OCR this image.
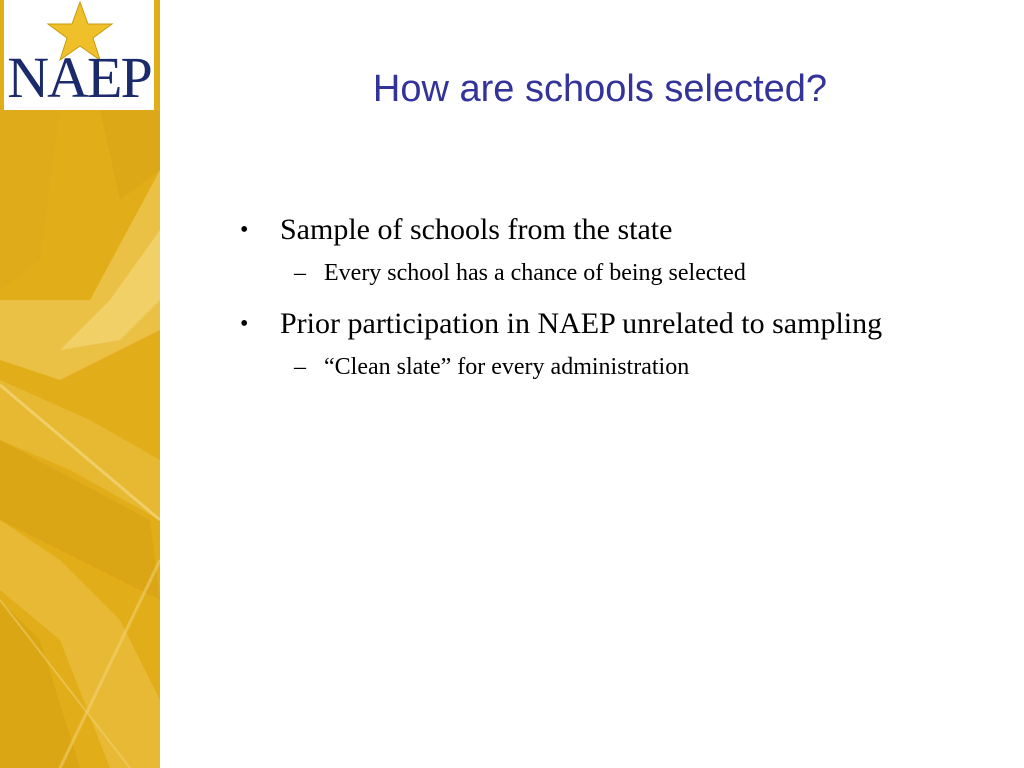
NAEP	How are schools selected?
• Sample of schools from the state
– Every school has a chance of being selected
• Prior participation in NAEP unrelated to sampling
– “Clean slate” for every administration
